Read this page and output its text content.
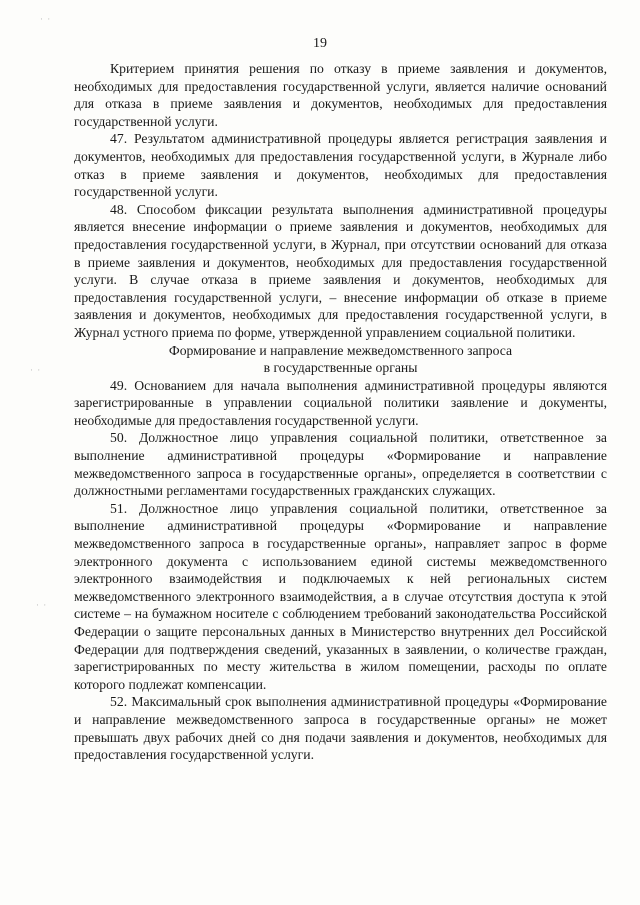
· ·
· ·
· ·
19

Критерием принятия решения по отказу в приеме заявления и документов, необходимых для предоставления государственной услуги, является наличие оснований для отказа в приеме заявления и документов, необходимых для предоставления государственной услуги.

47. Результатом административной процедуры является регистрация заявления и документов, необходимых для предоставления государственной услуги, в Журнале либо отказ в приеме заявления и документов, необходимых для предоставления государственной услуги.

48. Способом фиксации результата выполнения административной процедуры является внесение информации о приеме заявления и документов, необходимых для предоставления государственной услуги, в Журнал, при отсутствии оснований для отказа в приеме заявления и документов, необходимых для предоставления государственной услуги. В случае отказа в приеме заявления и документов, необходимых для предоставления государственной услуги, – внесение информации об отказе в приеме заявления и документов, необходимых для предоставления государственной услуги, в Журнал устного приема по форме, утвержденной управлением социальной политики.

Формирование и направление межведомственного запроса
в государственные органы

49. Основанием для начала выполнения административной процедуры являются зарегистрированные в управлении социальной политики заявление и документы, необходимые для предоставления государственной услуги.

50. Должностное лицо управления социальной политики, ответственное за выполнение административной процедуры «Формирование и направление межведомственного запроса в государственные органы», определяется в соответствии с должностными регламентами государственных гражданских служащих.

51. Должностное лицо управления социальной политики, ответственное за выполнение административной процедуры «Формирование и направление межведомственного запроса в государственные органы», направляет запрос в форме электронного документа с использованием единой системы межведомственного электронного взаимодействия и подключаемых к ней региональных систем межведомственного электронного взаимодействия, а в случае отсутствия доступа к этой системе – на бумажном носителе с соблюдением требований законодательства Российской Федерации о защите персональных данных в Министерство внутренних дел Российской Федерации для подтверждения сведений, указанных в заявлении, о количестве граждан, зарегистрированных по месту жительства в жилом помещении, расходы по оплате которого подлежат компенсации.

52. Максимальный срок выполнения административной процедуры «Формирование и направление межведомственного запроса в государственные органы» не может превышать двух рабочих дней со дня подачи заявления и документов, необходимых для предоставления государственной услуги.
